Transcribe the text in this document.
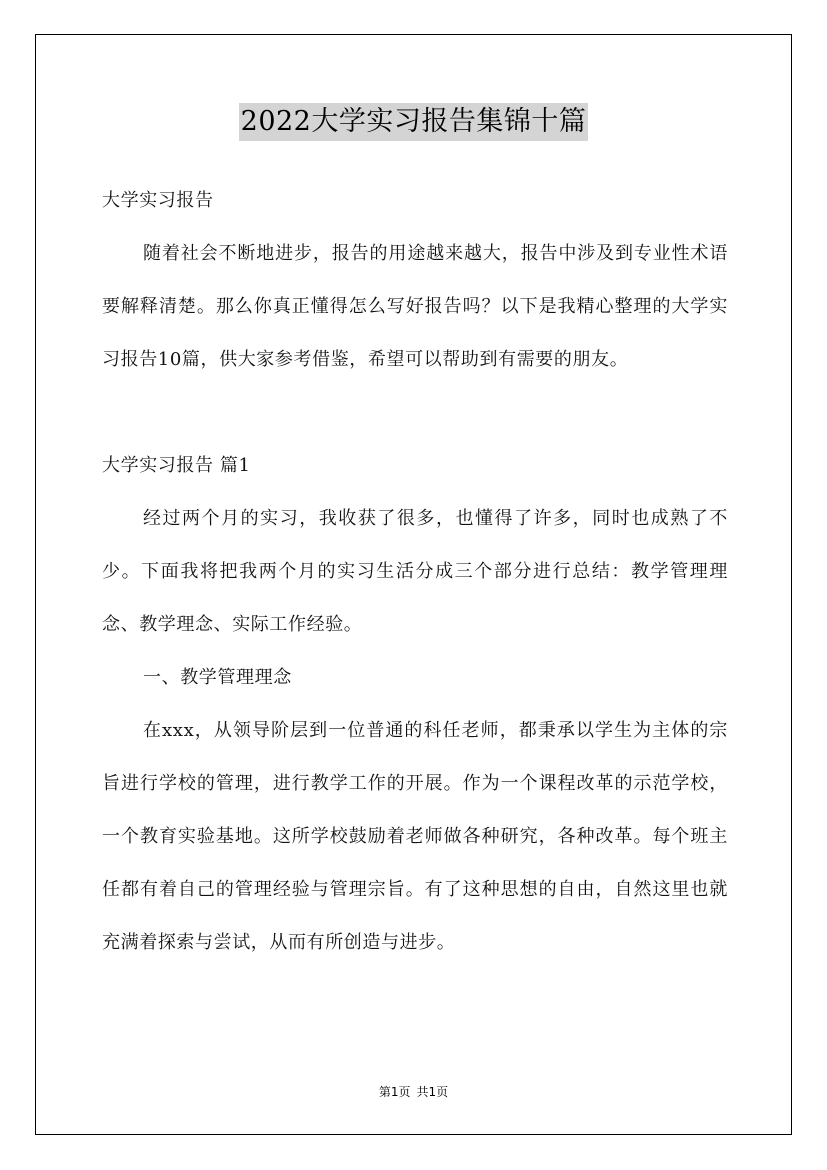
2022大学实习报告集锦十篇

大学实习报告

随着社会不断地进步，报告的用途越来越大，报告中涉及到专业性术语要解释清楚。那么你真正懂得怎么写好报告吗？以下是我精心整理的大学实习报告10篇，供大家参考借鉴，希望可以帮助到有需要的朋友。

大学实习报告 篇1

经过两个月的实习，我收获了很多，也懂得了许多，同时也成熟了不少。下面我将把我两个月的实习生活分成三个部分进行总结：教学管理理念、教学理念、实际工作经验。

一、教学管理理念

在xxx，从领导阶层到一位普通的科任老师，都秉承以学生为主体的宗旨进行学校的管理，进行教学工作的开展。作为一个课程改革的示范学校，一个教育实验基地。这所学校鼓励着老师做各种研究，各种改革。每个班主任都有着自己的管理经验与管理宗旨。有了这种思想的自由，自然这里也就充满着探索与尝试，从而有所创造与进步。

第1页 共1页
